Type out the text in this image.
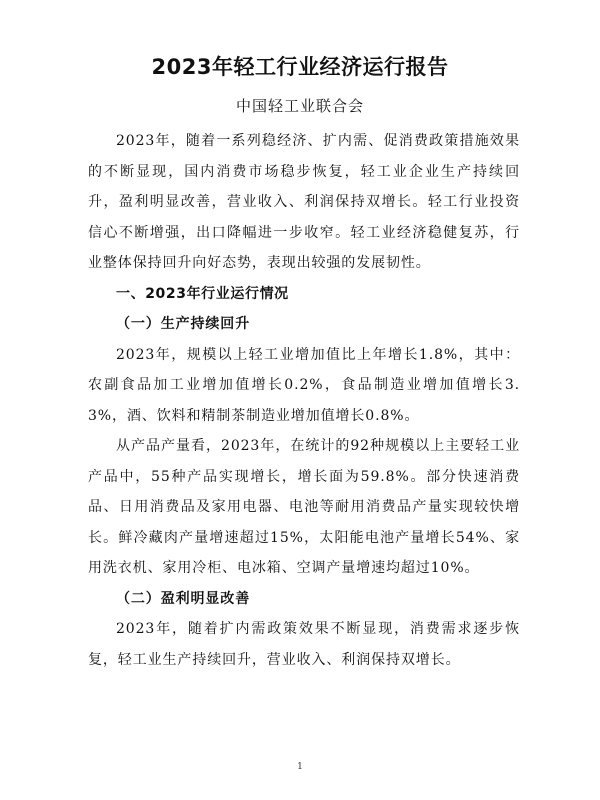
2023年轻工行业经济运行报告

中国轻工业联合会

2023年，随着一系列稳经济、扩内需、促消费政策措施效果的不断显现，国内消费市场稳步恢复，轻工业企业生产持续回升，盈利明显改善，营业收入、利润保持双增长。轻工行业投资信心不断增强，出口降幅进一步收窄。轻工业经济稳健复苏，行业整体保持回升向好态势，表现出较强的发展韧性。

一、2023年行业运行情况

（一）生产持续回升

2023年，规模以上轻工业增加值比上年增长1.8%，其中：农副食品加工业增加值增长0.2%，食品制造业增加值增长3.3%，酒、饮料和精制茶制造业增加值增长0.8%。

从产品产量看，2023年，在统计的92种规模以上主要轻工业产品中，55种产品实现增长，增长面为59.8%。部分快速消费品、日用消费品及家用电器、电池等耐用消费品产量实现较快增长。鲜冷藏肉产量增速超过15%，太阳能电池产量增长54%、家用洗衣机、家用冷柜、电冰箱、空调产量增速均超过10%。

（二）盈利明显改善

2023年，随着扩内需政策效果不断显现，消费需求逐步恢复，轻工业生产持续回升，营业收入、利润保持双增长。

1
